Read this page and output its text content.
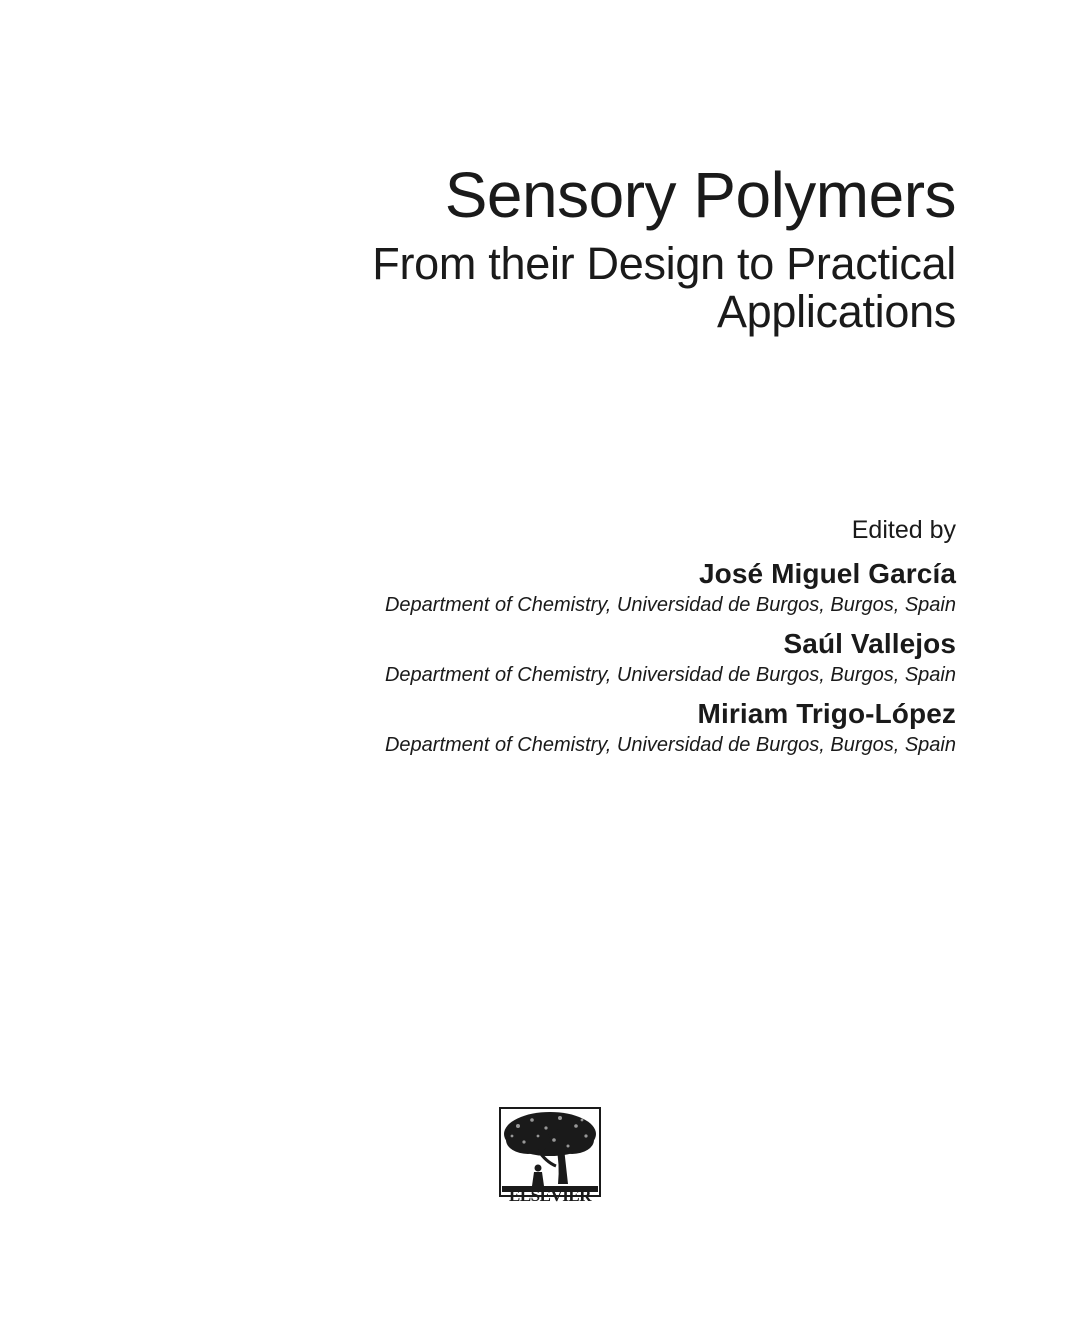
Sensory Polymers
From their Design to Practical
Applications
Edited by
José Miguel García
Department of Chemistry, Universidad de Burgos, Burgos, Spain
Saúl Vallejos
Department of Chemistry, Universidad de Burgos, Burgos, Spain
Miriam Trigo-López
Department of Chemistry, Universidad de Burgos, Burgos, Spain
ELSEVIER
